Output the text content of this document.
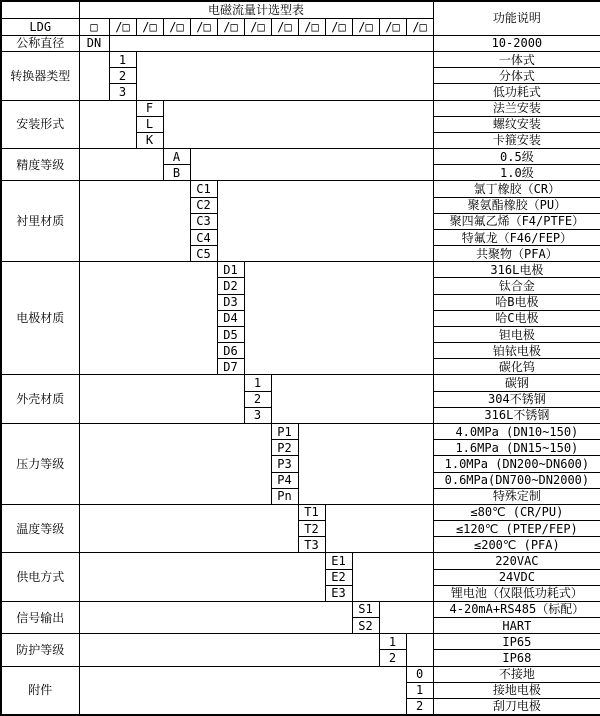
	电磁流量计选型表													功能说明
LDG	□	/□	/□	/□	/□	/□	/□	/□	/□	/□	/□	/□	/□	
公称直径	DN													10-2000
转换器类型		1												一体式
		2												分体式
		3												低功耗式
安装形式			F											法兰安装
			L											螺纹安装
			K											卡箍安装
精度等级				A										0.5级
				B										1.0级
衬里材质					C1									氯丁橡胶（CR）
					C2									聚氨酯橡胶（PU）
					C3									聚四氟乙烯（F4/PTFE）
					C4									特氟龙（F46/FEP）
					C5									共聚物（PFA）
电极材质						D1								316L电极
						D2								钛合金
						D3								哈B电极
						D4								哈C电极
						D5								钽电极
						D6								铂铱电极
						D7								碳化钨
外壳材质							1							碳钢
							2							304不锈钢
							3							316L不锈钢
压力等级								P1						4.0MPa (DN10~150)
								P2						1.6MPa (DN15~150)
								P3						1.0MPa (DN200~DN600)
								P4						0.6MPa(DN700~DN2000)
								Pn						特殊定制
温度等级									T1					≤80℃ (CR/PU)
									T2					≤120℃ (PTEP/FEP)
									T3					≤200℃ (PFA)
供电方式										E1				220VAC
										E2				24VDC
										E3				锂电池（仅限低功耗式）
信号输出											S1			4-20mA+RS485（标配）
											S2			HART
防护等级												1		IP65
												2		IP68
附件													0	不接地
													1	接地电极
													2	刮刀电极
